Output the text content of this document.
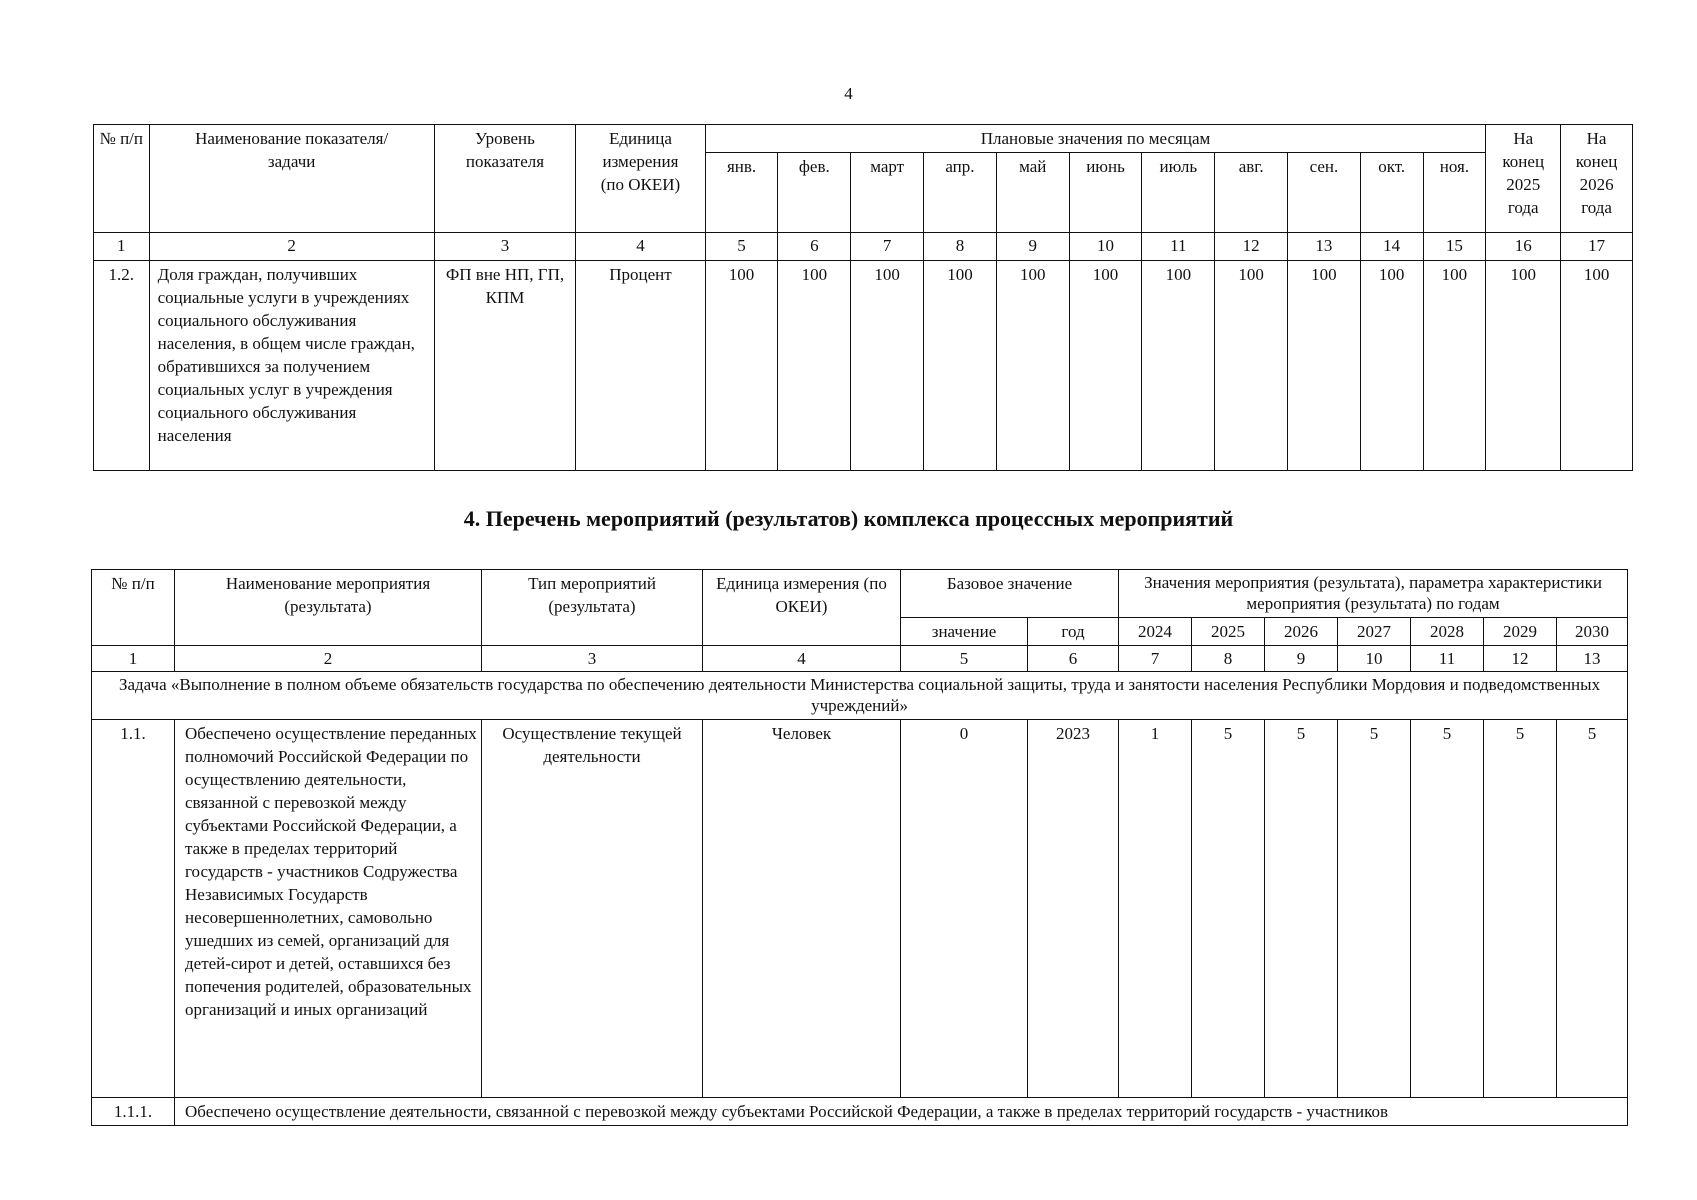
4
№ п/п	Наименование показателя/ задачи	Уровень показателя	Единица измерения (по ОКЕИ)	Плановые значения по месяцам											На конец 2025 года	На конец 2026 года
				янв.	фев.	март	апр.	май	июнь	июль	авг.	сен.	окт.	ноя.		
1	2	3	4	5	6	7	8	9	10	11	12	13	14	15	16	17
1.2.	Доля граждан, получивших социальные услуги в учреждениях социального обслуживания населения, в общем числе граждан, обратившихся за получением социальных услуг в учреждения социального обслуживания населения	ФП вне НП, ГП, КПМ	Процент	100	100	100	100	100	100	100	100	100	100	100	100	100
4. Перечень мероприятий (результатов) комплекса процессных мероприятий
№ п/п	Наименование мероприятия (результата)	Тип мероприятий (результата)	Единица измерения (по ОКЕИ)	Базовое значение		Значения мероприятия (результата), параметра характеристики мероприятия (результата) по годам						
				значение	год	2024	2025	2026	2027	2028	2029	2030
1	2	3	4	5	6	7	8	9	10	11	12	13
Задача «Выполнение в полном объеме обязательств государства по обеспечению деятельности Министерства социальной защиты, труда и занятости населения Республики Мордовия и подведомственных учреждений»												
1.1.	Обеспечено осуществление переданных полномочий Российской Федерации по осуществлению деятельности, связанной с перевозкой между субъектами Российской Федерации, а также в пределах территорий государств - участников Содружества Независимых Государств несовершеннолетних, самовольно ушедших из семей, организаций для детей-сирот и детей, оставшихся без попечения родителей, образовательных организаций и иных организаций	Осуществление текущей деятельности	Человек	0	2023	1	5	5	5	5	5	5
1.1.1.	Обеспечено осуществление деятельности, связанной с перевозкой между субъектами Российской Федерации, а также в пределах территорий государств - участников											
